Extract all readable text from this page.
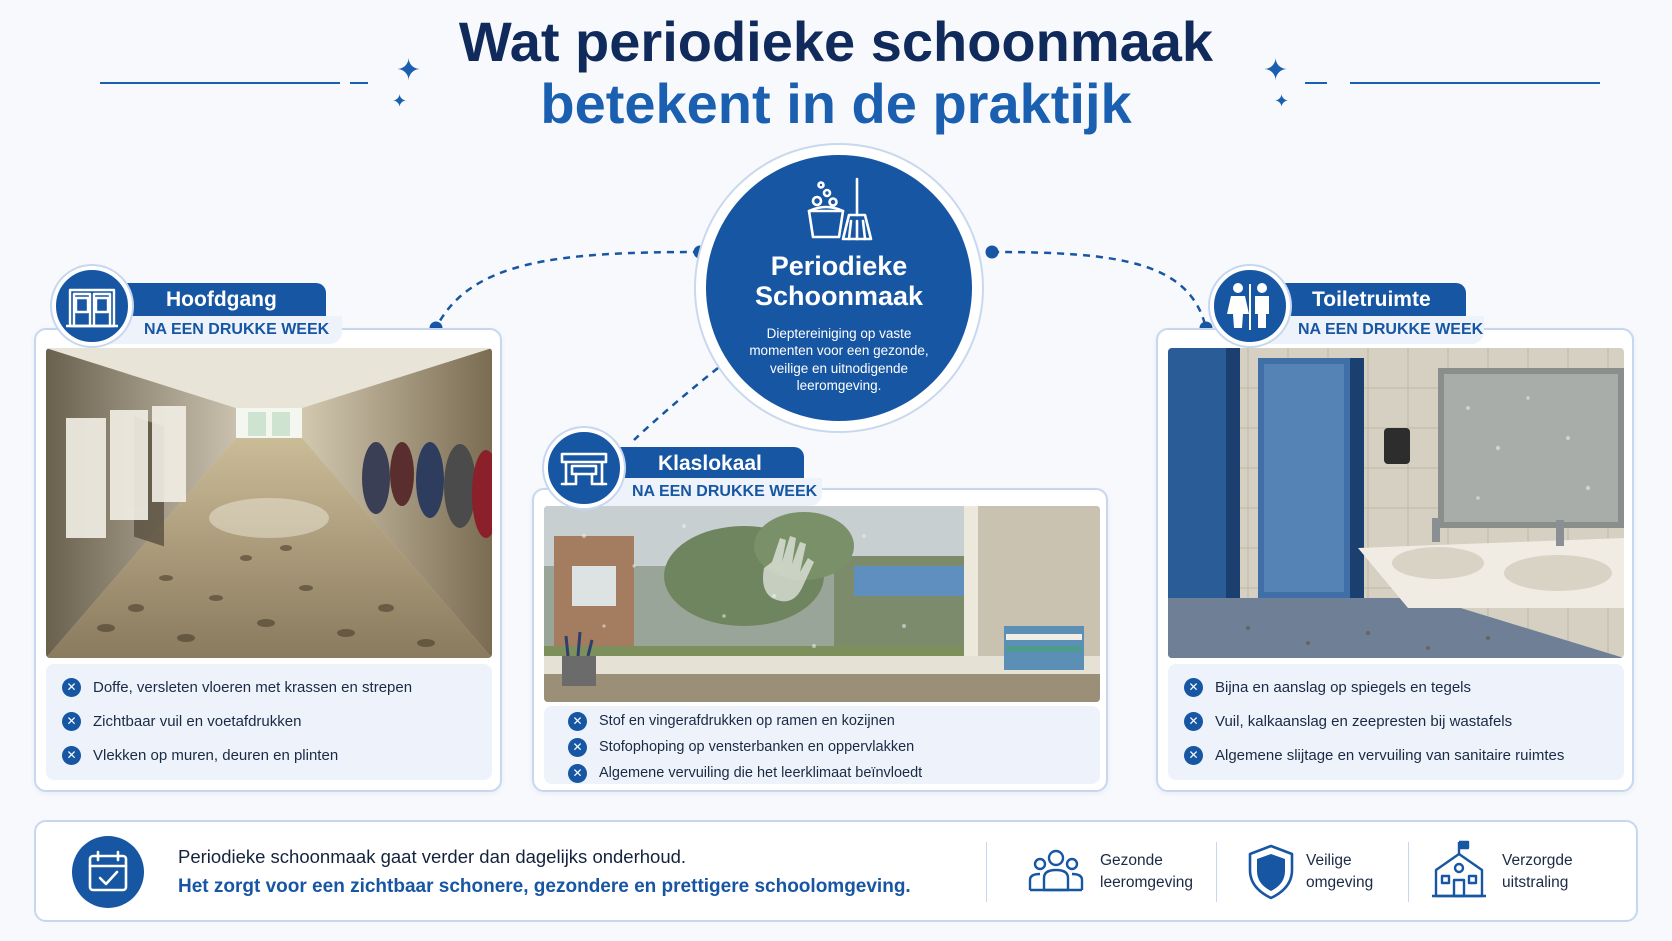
Wat periodieke schoonmaak
betekent in de praktijk
✦
✦
✦
✦
Periodieke
Schoonmaak
Dieptereiniging op vaste momenten voor een gezonde, veilige en uitnodigende leeromgeving.
✕ Doffe, versleten vloeren met krassen en strepen
✕ Zichtbaar vuil en voetafdrukken
✕ Vlekken op muren, deuren en plinten
Hoofdgang
NA EEN DRUKKE WEEK
✕	Stof en vingerafdrukken op ramen en kozijnen
✕	Stofophoping op vensterbanken en oppervlakken
✕	Algemene vervuiling die het leerklimaat beïnvloedt
Klaslokaal
NA EEN DRUKKE WEEK
✕ Bijna en aanslag op spiegels en tegels
✕ Vuil, kalkaanslag en zeepresten bij wastafels
✕ Algemene slijtage en vervuiling van sanitaire ruimtes
Toiletruimte
NA EEN DRUKKE WEEK
Periodieke schoonmaak gaat verder dan dagelijks onderhoud.
Het zorgt voor een zichtbaar schonere, gezondere en prettigere schoolomgeving.
Gezonde
leeromgeving
Veilige
omgeving
Verzorgde
uitstraling
